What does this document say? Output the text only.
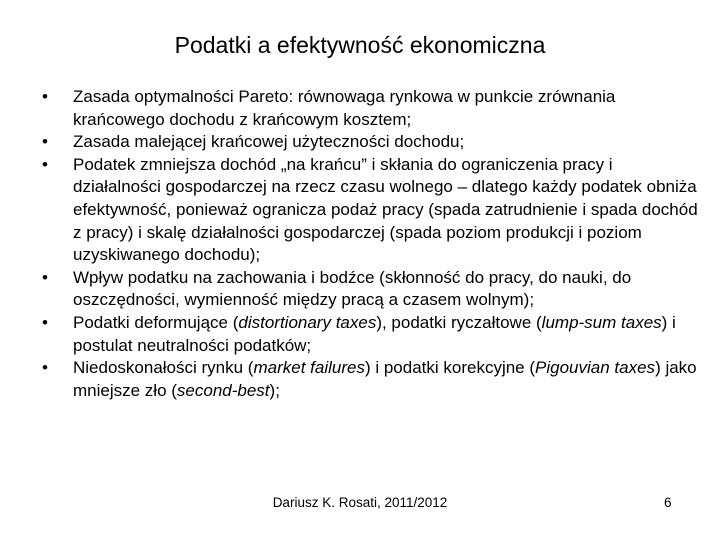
Podatki a efektywność ekonomiczna
•	Zasada optymalności Pareto: równowaga rynkowa w punkcie zrównania krańcowego dochodu z krańcowym kosztem;
•	Zasada malejącej krańcowej użyteczności dochodu;
•	Podatek zmniejsza dochód „na krańcu” i skłania do ograniczenia pracy i działalności gospodarczej na rzecz czasu wolnego – dlatego każdy podatek obniża efektywność, ponieważ ogranicza podaż pracy (spada zatrudnienie i spada dochód z pracy) i skalę działalności gospodarczej (spada poziom produkcji i poziom uzyskiwanego dochodu);
•	Wpływ podatku na zachowania i bodźce (skłonność do pracy, do nauki, do oszczędności, wymienność między pracą a czasem wolnym);
•	Podatki deformujące (distortionary taxes), podatki ryczałtowe (lump-sum taxes) i postulat neutralności podatków;
•	Niedoskonałości rynku (market failures) i podatki korekcyjne (Pigouvian taxes) jako mniejsze zło (second-best);
Dariusz K. Rosati, 2011/2012	6
